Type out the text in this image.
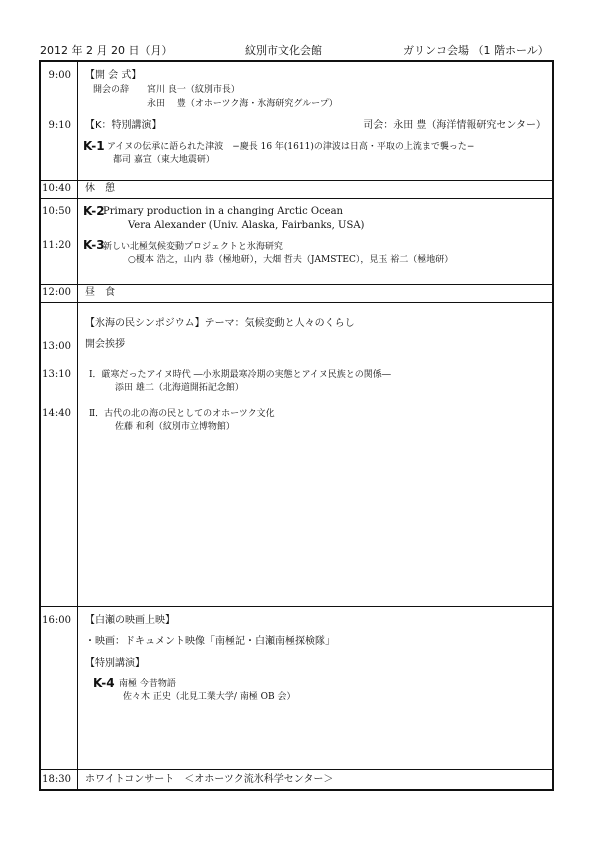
2012 年 2 月 20 日（月）	紋別市文化会館	ガリンコ会場 （1 階ホール）
9:00 【開 会 式】
開会の辞 宮川 良一（紋別市長）
永田　 豊（オホーツク海・氷海研究グループ）
9:10 【K：特別講演】	司会：永田 豊（海洋情報研究センター）
K-1 アイヌの伝承に語られた津波　−慶長 16 年(1611)の津波は日高・平取の上流まで襲った−
都司 嘉宣（東大地震研）
10:40 休　憩
10:50 K-2
Primary production in a changing Arctic Ocean
Vera Alexander (Univ. Alaska, Fairbanks, USA)
11:20 K-3
新しい北極気候変動プロジェクトと氷海研究
○榎本 浩之，山内 恭（極地研），大畑 哲夫（JAMSTEC），見玉 裕二（極地研）
12:00 昼　食
【氷海の民シンポジウム】テーマ：気候変動と人々のくらし
13:00 開会挨拶
13:10 Ⅰ．厳寒だったアイヌ時代 ―小氷期最寒冷期の実態とアイヌ民族との関係―
添田 雄二（北海道開拓記念館）
14:40 Ⅱ．古代の北の海の民としてのオホーツク文化
佐藤 和利（紋別市立博物館）
16:00 【白瀬の映画上映】
・映画：ドキュメント映像「南極記・白瀬南極探検隊」
【特別講演】
K-4 南極 今昔物語
佐々木 正史（北見工業大学/ 南極 OB 会）
18:30 ホワイトコンサート　＜オホーツク流氷科学センター＞
